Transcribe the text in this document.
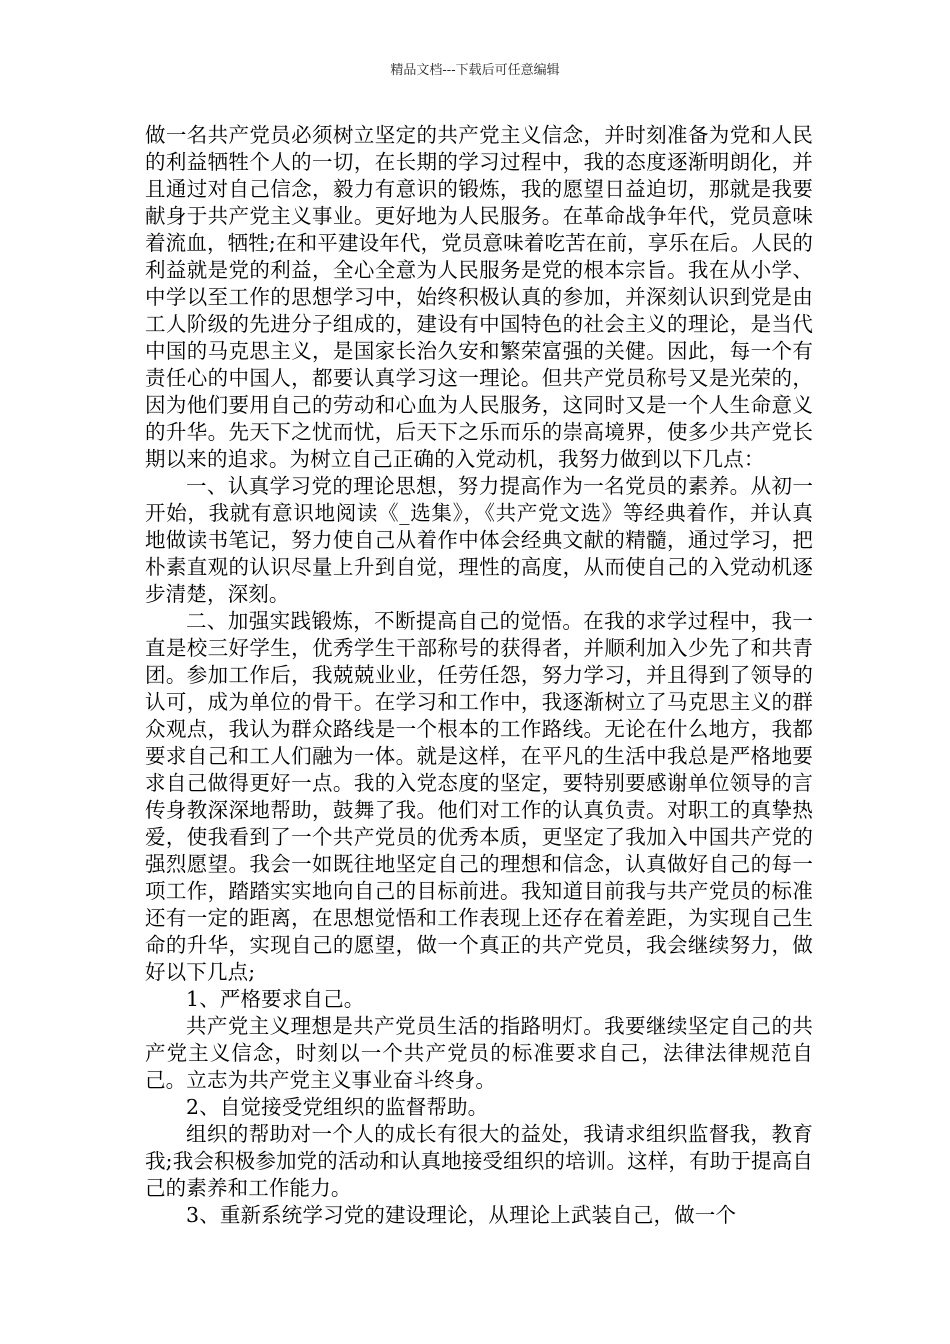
精品文档---下载后可任意编辑

做一名共产党员必须树立坚定的共产党主义信念，并时刻准备为党和人民的利益牺牲个人的一切，在长期的学习过程中，我的态度逐渐明朗化，并且通过对自己信念，毅力有意识的锻炼，我的愿望日益迫切，那就是我要献身于共产党主义事业。更好地为人民服务。在革命战争年代，党员意味着流血，牺牲;在和平建设年代，党员意味着吃苦在前，享乐在后。人民的利益就是党的利益，全心全意为人民服务是党的根本宗旨。我在从小学、中学以至工作的思想学习中，始终积极认真的参加，并深刻认识到党是由工人阶级的先进分子组成的，建设有中国特色的社会主义的理论，是当代中国的马克思主义，是国家长治久安和繁荣富强的关健。因此，每一个有责任心的中国人，都要认真学习这一理论。但共产党员称号又是光荣的，因为他们要用自己的劳动和心血为人民服务，这同时又是一个人生命意义的升华。先天下之忧而忧，后天下之乐而乐的崇高境界，使多少共产党长期以来的追求。为树立自己正确的入党动机，我努力做到以下几点：

一、认真学习党的理论思想，努力提高作为一名党员的素养。从初一开始，我就有意识地阅读《_选集》，《共产党文选》等经典着作，并认真地做读书笔记，努力使自己从着作中体会经典文献的精髓，通过学习，把朴素直观的认识尽量上升到自觉，理性的高度，从而使自己的入党动机逐步清楚，深刻。

二、加强实践锻炼，不断提高自己的觉悟。在我的求学过程中，我一直是校三好学生，优秀学生干部称号的获得者，并顺利加入少先了和共青团。参加工作后，我兢兢业业，任劳任怨，努力学习，并且得到了领导的认可，成为单位的骨干。在学习和工作中，我逐渐树立了马克思主义的群众观点，我认为群众路线是一个根本的工作路线。无论在什么地方，我都要求自己和工人们融为一体。就是这样，在平凡的生活中我总是严格地要求自己做得更好一点。我的入党态度的坚定，要特别要感谢单位领导的言传身教深深地帮助，鼓舞了我。他们对工作的认真负责。对职工的真挚热爱，使我看到了一个共产党员的优秀本质，更坚定了我加入中国共产党的强烈愿望。我会一如既往地坚定自己的理想和信念，认真做好自己的每一项工作，踏踏实实地向自己的目标前进。我知道目前我与共产党员的标准还有一定的距离，在思想觉悟和工作表现上还存在着差距，为实现自己生命的升华，实现自己的愿望，做一个真正的共产党员，我会继续努力，做好以下几点;

1、严格要求自己。

共产党主义理想是共产党员生活的指路明灯。我要继续坚定自己的共产党主义信念，时刻以一个共产党员的标准要求自己，法律法律规范自己。立志为共产党主义事业奋斗终身。

2、自觉接受党组织的监督帮助。

组织的帮助对一个人的成长有很大的益处，我请求组织监督我，教育我;我会积极参加党的活动和认真地接受组织的培训。这样，有助于提高自己的素养和工作能力。

3、重新系统学习党的建设理论，从理论上武装自己，做一个
